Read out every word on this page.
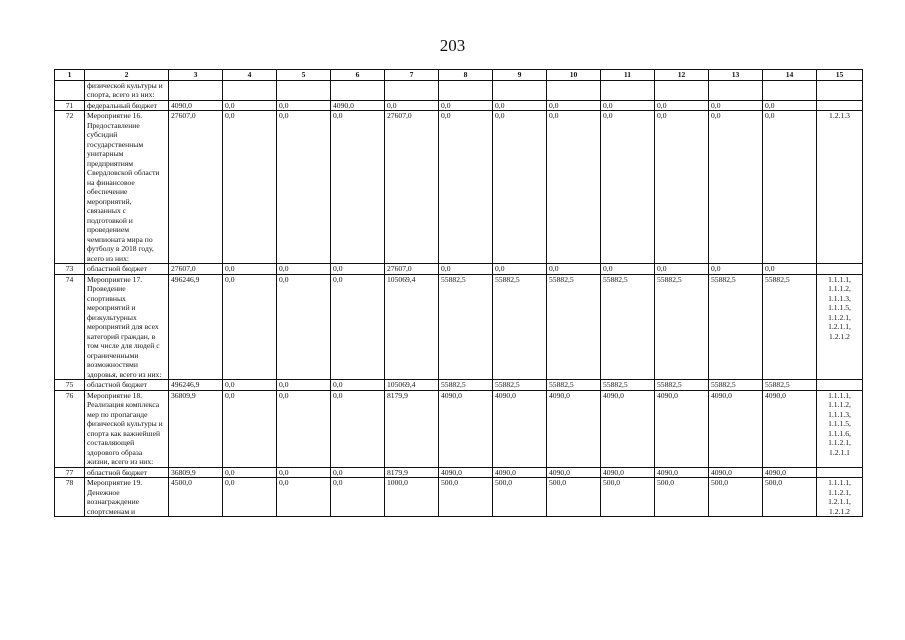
203
1	2	3	4	5	6	7	8	9	10	11	12	13	14	15
	физической культуры и спорта, всего из них:													
71	федеральный бюджет	4090,0	0,0	0,0	4090,0	0,0	0,0	0,0	0,0	0,0	0,0	0,0	0,0	
72	Мероприятие 16. Предоставление субсидий государственным унитарным предприятиям Свердловской области на финансовое обеспечение мероприятий, связанных с подготовкой и проведением чемпионата мира по футболу в 2018 году, всего из них:	27607,0	0,0	0,0	0,0	27607,0	0,0	0,0	0,0	0,0	0,0	0,0	0,0	1.2.1.3
73	областной бюджет	27607,0	0,0	0,0	0,0	27607,0	0,0	0,0	0,0	0,0	0,0	0,0	0,0	
74	Мероприятие 17. Проведение спортивных мероприятий и физкультурных мероприятий для всех категорий граждан, в том числе для людей с ограниченными возможностями здоровья, всего из них:	496246,9	0,0	0,0	0,0	105069,4	55882,5	55882,5	55882,5	55882,5	55882,5	55882,5	55882,5	1.1.1.1, 1.1.1.2, 1.1.1.3, 1.1.1.5, 1.1.2.1, 1.2.1.1, 1.2.1.2
75	областной бюджет	496246,9	0,0	0,0	0,0	105069,4	55882,5	55882,5	55882,5	55882,5	55882,5	55882,5	55882,5	
76	Мероприятие 18. Реализация комплекса мер по пропаганде физической культуры и спорта как важнейшей составляющей здорового образа жизни, всего из них:	36809,9	0,0	0,0	0,0	8179,9	4090,0	4090,0	4090,0	4090,0	4090,0	4090,0	4090,0	1.1.1.1, 1.1.1.2, 1.1.1.3, 1.1.1.5, 1.1.1.6, 1.1.2.1, 1.2.1.1
77	областной бюджет	36809,9	0,0	0,0	0,0	8179,9	4090,0	4090,0	4090,0	4090,0	4090,0	4090,0	4090,0	
78	Мероприятие 19. Денежное вознаграждение спортсменам и	4500,0	0,0	0,0	0,0	1000,0	500,0	500,0	500,0	500,0	500,0	500,0	500,0	1.1.1.1, 1.1.2.1, 1.2.1.1, 1.2.1.2
